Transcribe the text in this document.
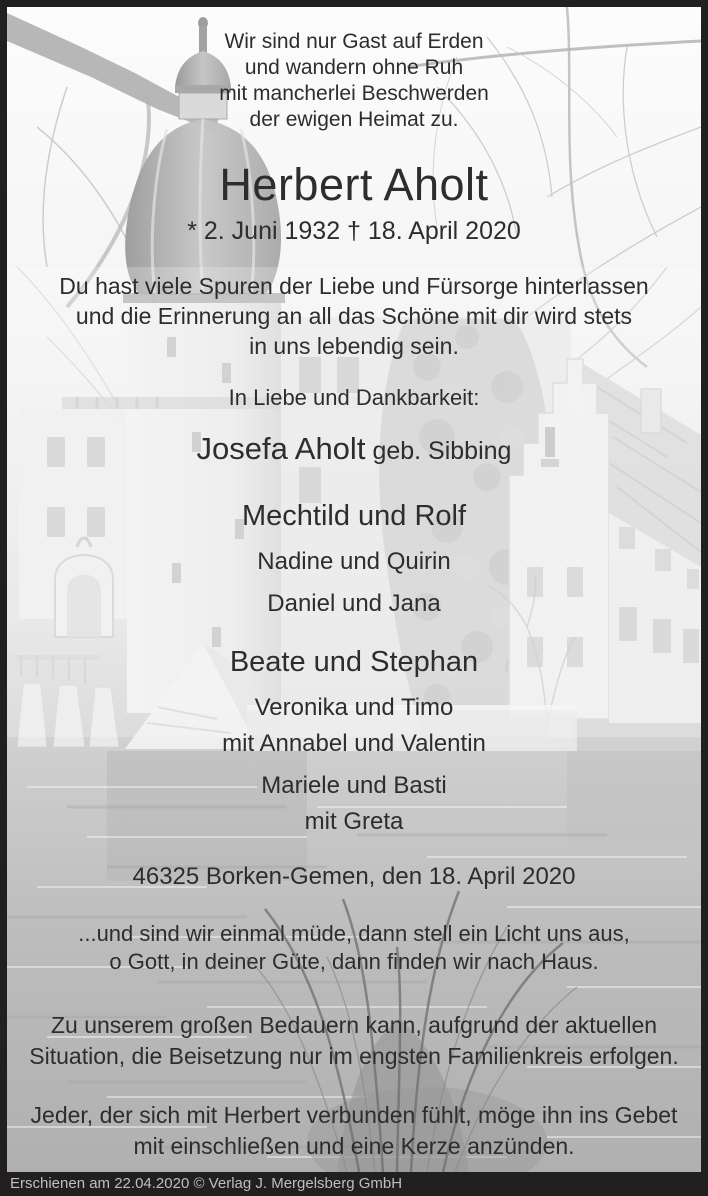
Wir sind nur Gast auf Erden
und wandern ohne Ruh
mit mancherlei Beschwerden
der ewigen Heimat zu.
Herbert Aholt
* 2. Juni 1932 † 18. April 2020
Du hast viele Spuren der Liebe und Fürsorge hinterlassen
und die Erinnerung an all das Schöne mit dir wird stets
in uns lebendig sein.
In Liebe und Dankbarkeit:
Josefa Aholt geb. Sibbing
Mechtild und Rolf
Nadine und Quirin
Daniel und Jana
Beate und Stephan
Veronika und Timo
mit Annabel und Valentin
Mariele und Basti
mit Greta
46325 Borken-Gemen, den 18. April 2020
...und sind wir einmal müde, dann stell ein Licht uns aus,
o Gott, in deiner Güte, dann finden wir nach Haus.
Zu unserem großen Bedauern kann, aufgrund der aktuellen
Situation, die Beisetzung nur im engsten Familienkreis erfolgen.
Jeder, der sich mit Herbert verbunden fühlt, möge ihn ins Gebet
mit einschließen und eine Kerze anzünden.
Erschienen am 22.04.2020 © Verlag J. Mergelsberg GmbH
